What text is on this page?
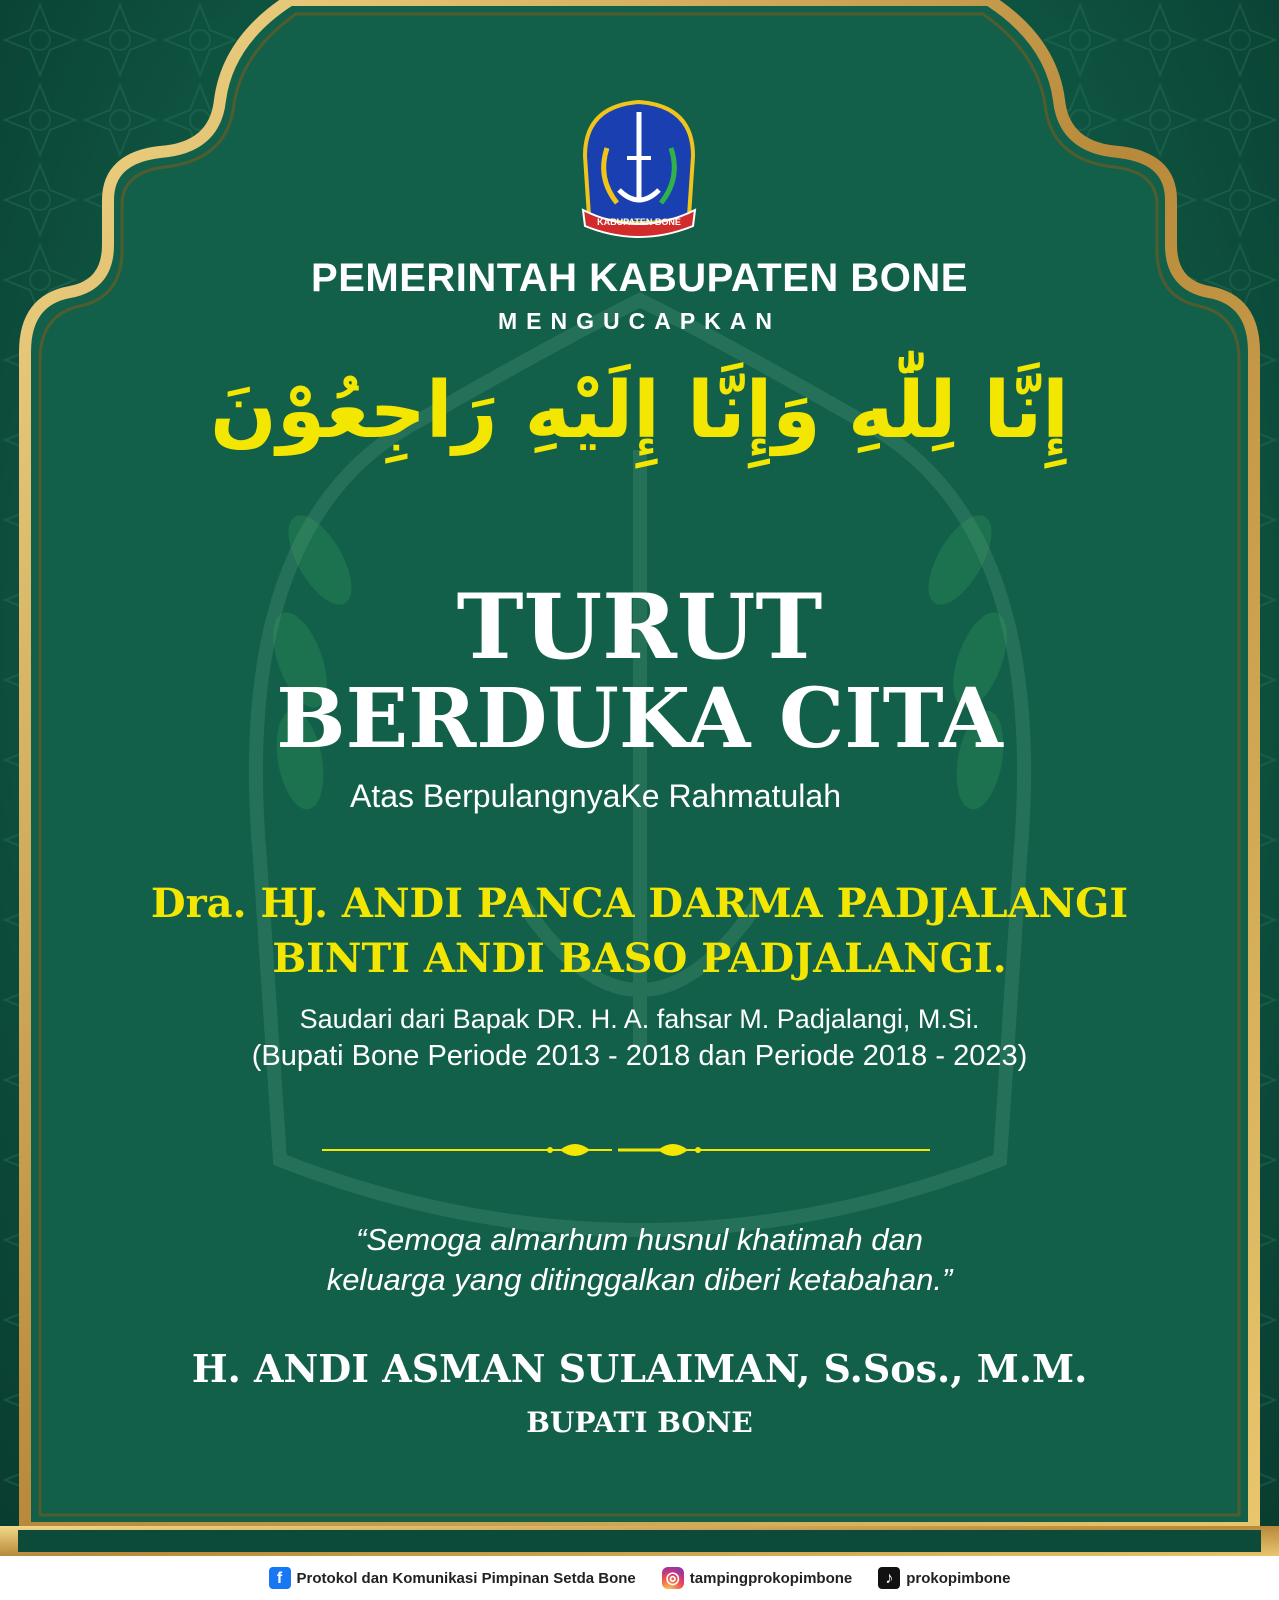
KABUPATEN BONE
PEMERINTAH KABUPATEN BONE
MENGUCAPKAN
إِنَّا لِلّٰهِ وَإِنَّا إِلَيْهِ رَاجِعُوْنَ
TURUT
BERDUKA CITA
Atas BerpulangnyaKe Rahmatulah
Dra. HJ. ANDI PANCA DARMA PADJALANGI
BINTI ANDI BASO PADJALANGI.
Saudari dari Bapak DR. H. A. fahsar M. Padjalangi, M.Si.
(Bupati Bone Periode 2013 - 2018 dan Periode 2018 - 2023)
“Semoga almarhum husnul khatimah dan
keluarga yang ditinggalkan diberi ketabahan.”
H. ANDI ASMAN SULAIMAN, S.Sos., M.M.
BUPATI BONE
f Protokol dan Komunikasi Pimpinan Setda Bone ◎ tampingprokopimbone	♪ prokopimbone
